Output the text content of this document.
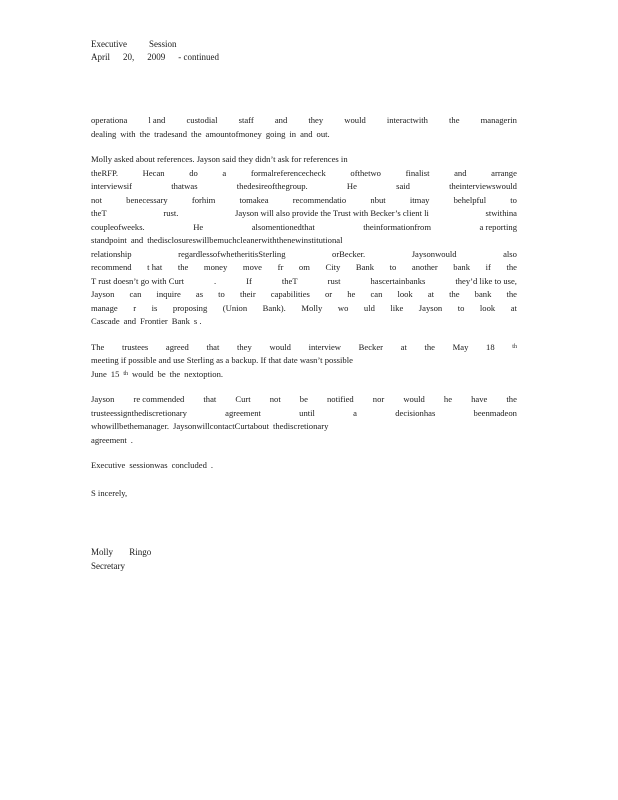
Executive Session
April 20, 2009 - continued
operationa l and custodial staff and they would interactwith the managerin
dealing with the tradesand the amountofmoney going in and out.
Molly asked about references. Jayson said they didn’t ask for references in
theRFP.	Hecan	do	a	formalreferencecheck	ofthetwo	finalist	and	arrange
interviewsif	thatwas	thedesireofthegroup.	He	said	theinterviewswould
not	benecessary	forhim	tomakea	recommendatio	nbut	itmay	behelpful	to
theT	rust.	Jayson will also provide the Trust with Becker’s client li	stwithina
coupleofweeks.	He	alsomentionedthat	theinformationfrom	a reporting
standpoint and thedisclosureswillbemuchcleanerwiththenewinstitutional
relationship	regardlessofwhetheritisSterling	orBecker.	Jaysonwould	also
recommend t hat the money move fr om City Bank to another bank if the
T rust doesn’t go with Curt	.	If	theT	rust	hascertainbanks	they’d like to use,
Jayson can inquire as to their capabilities or he can look at the bank the
manage r is proposing (Union Bank). Molly wo uld like Jayson to look at
Cascade and Frontier Bank s .
The trustees agreed that they would interview Becker at the May 18	th
meeting if possible and use Sterling as a backup. If that date wasn’t possible
June 15 th would be the nextoption.
Jayson re commended that Curt not be notified nor would he have the
trusteessignthediscretionary	agreement	until	a	decisionhas	beenmadeon
whowillbethemanager. JaysonwillcontactCurtabout thediscretionary
agreement .
Executive sessionwas concluded .
S incerely,
Molly Ringo
Secretary
